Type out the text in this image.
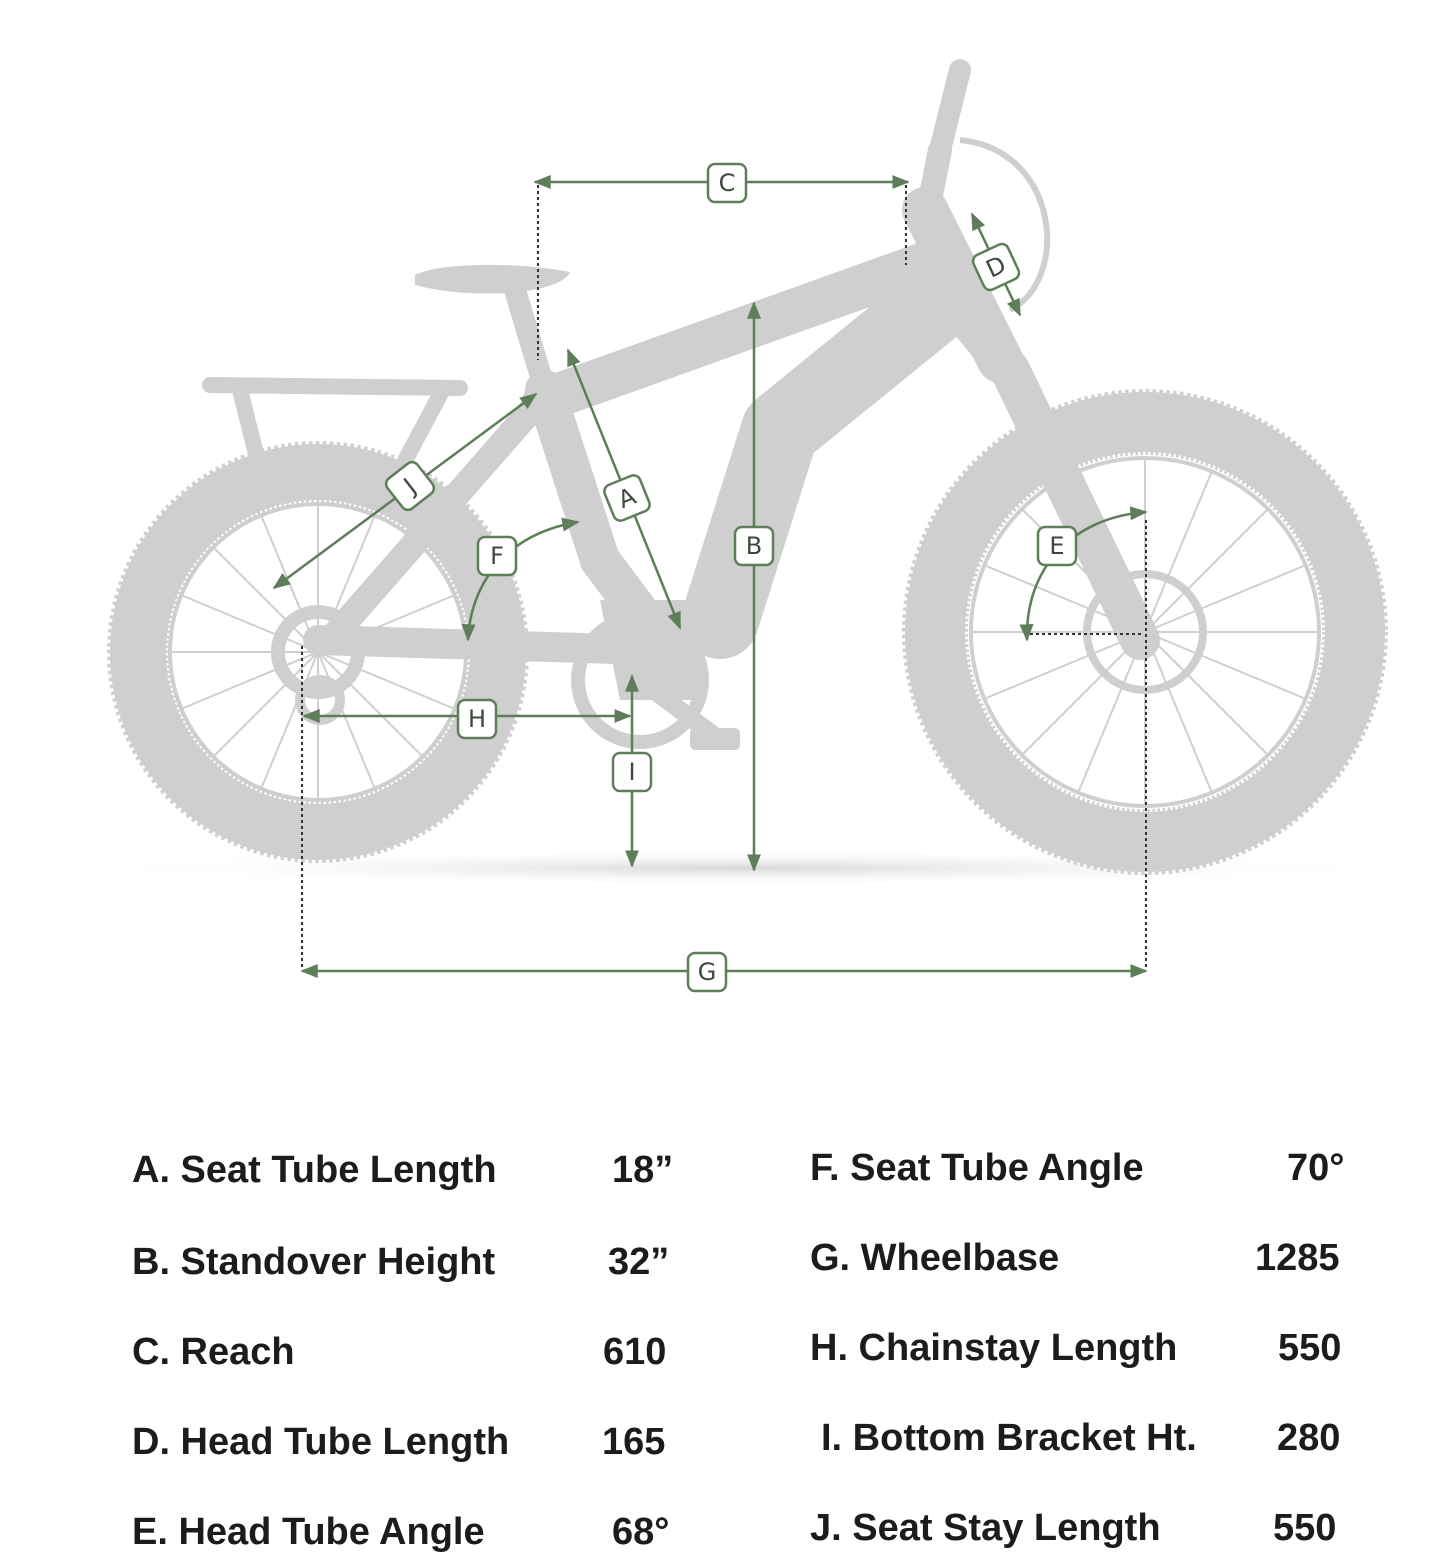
C
D
J	A
B
F	E
H
I
G
A. Seat Tube Length	18”
B. Standover Height	32”
C. Reach	610
D. Head Tube Length 165
E. Head Tube Angle	68°
F. Seat Tube Angle	70°
G. Wheelbase	1285
H. Chainstay Length	550
I. Bottom Bracket Ht. 280
J. Seat Stay Length	550
